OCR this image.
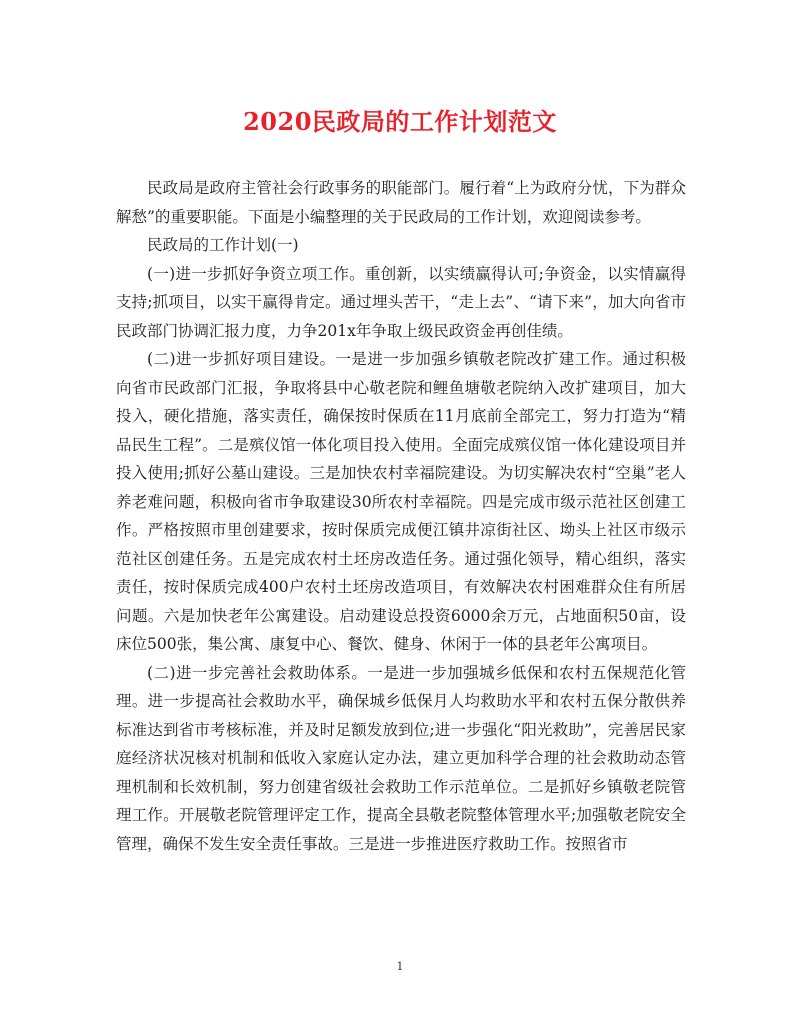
2020民政局的工作计划范文

民政局是政府主管社会行政事务的职能部门。履行着“上为政府分忧，下为群众解愁”的重要职能。下面是小编整理的关于民政局的工作计划，欢迎阅读参考。

民政局的工作计划(一)

(一)进一步抓好争资立项工作。重创新，以实绩赢得认可;争资金，以实情赢得支持;抓项目，以实干赢得肯定。通过埋头苦干，“走上去”、“请下来”，加大向省市民政部门协调汇报力度，力争201x年争取上级民政资金再创佳绩。

(二)进一步抓好项目建设。一是进一步加强乡镇敬老院改扩建工作。通过积极向省市民政部门汇报，争取将县中心敬老院和鲤鱼塘敬老院纳入改扩建项目，加大投入，硬化措施，落实责任，确保按时保质在11月底前全部完工，努力打造为“精品民生工程”。二是殡仪馆一体化项目投入使用。全面完成殡仪馆一体化建设项目并投入使用;抓好公墓山建设。三是加快农村幸福院建设。为切实解决农村“空巢”老人养老难问题，积极向省市争取建设30所农村幸福院。四是完成市级示范社区创建工作。严格按照市里创建要求，按时保质完成便江镇井凉街社区、坳头上社区市级示范社区创建任务。五是完成农村土坯房改造任务。通过强化领导，精心组织，落实责任，按时保质完成400户农村土坯房改造项目，有效解决农村困难群众住有所居问题。六是加快老年公寓建设。启动建设总投资6000余万元，占地面积50亩，设床位500张，集公寓、康复中心、餐饮、健身、休闲于一体的县老年公寓项目。

(二)进一步完善社会救助体系。一是进一步加强城乡低保和农村五保规范化管理。进一步提高社会救助水平，确保城乡低保月人均救助水平和农村五保分散供养标准达到省市考核标准，并及时足额发放到位;进一步强化“阳光救助”，完善居民家庭经济状况核对机制和低收入家庭认定办法，建立更加科学合理的社会救助动态管理机制和长效机制，努力创建省级社会救助工作示范单位。二是抓好乡镇敬老院管理工作。开展敬老院管理评定工作，提高全县敬老院整体管理水平;加强敬老院安全管理，确保不发生安全责任事故。三是进一步推进医疗救助工作。按照省市

1
